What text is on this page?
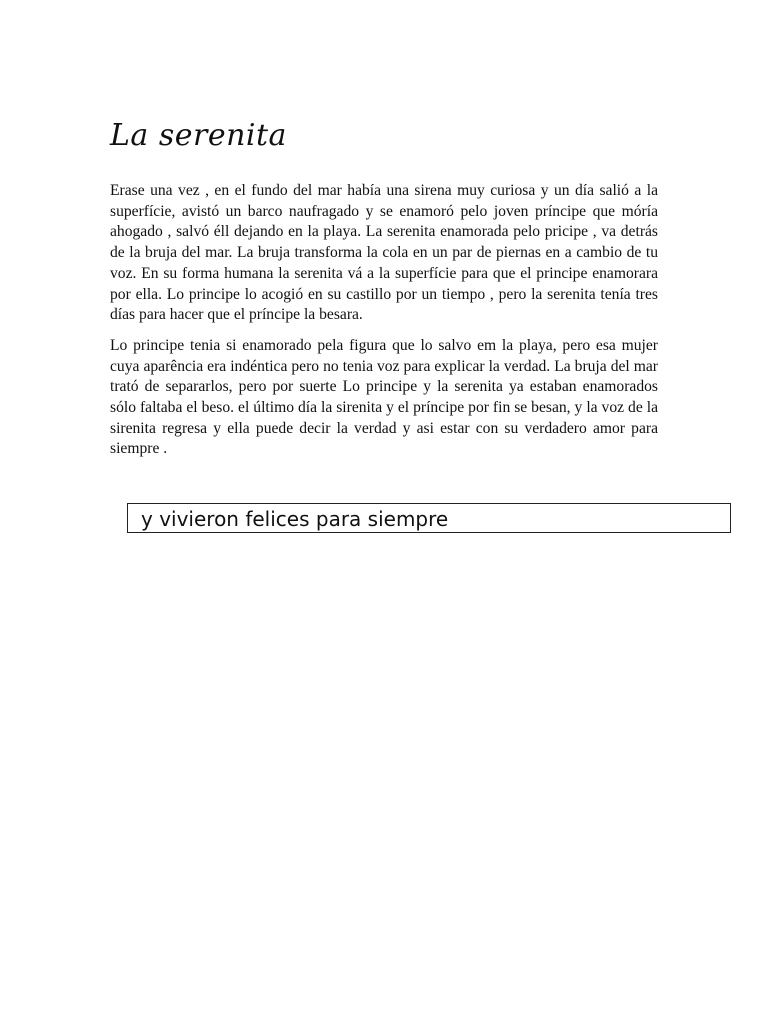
La serenita

Erase una vez , en el fundo del mar había una sirena muy curiosa y un día salió a la superfície, avistó un barco naufragado y se enamoró pelo joven príncipe que móría ahogado , salvó éll dejando en la playa. La serenita enamorada pelo pricipe , va detrás de la bruja del mar. La bruja transforma la cola en un par de piernas en a cambio de tu voz. En su forma humana la serenita vá a la superfície para que el principe enamorara por ella. Lo principe lo acogió en su castillo por un tiempo , pero la serenita tenía tres días para hacer que el príncipe la besara.

Lo principe tenia si enamorado pela figura que lo salvo em la playa, pero esa mujer cuya aparência era indéntica pero no tenia voz para explicar la verdad. La bruja del mar trató de separarlos, pero por suerte Lo principe y la serenita ya estaban enamorados sólo faltaba el beso. el último día la sirenita y el príncipe por fin se besan, y la voz de la sirenita regresa y ella puede decir la verdad y asi estar con su verdadero amor para siempre .

y vivieron felices para siempre
